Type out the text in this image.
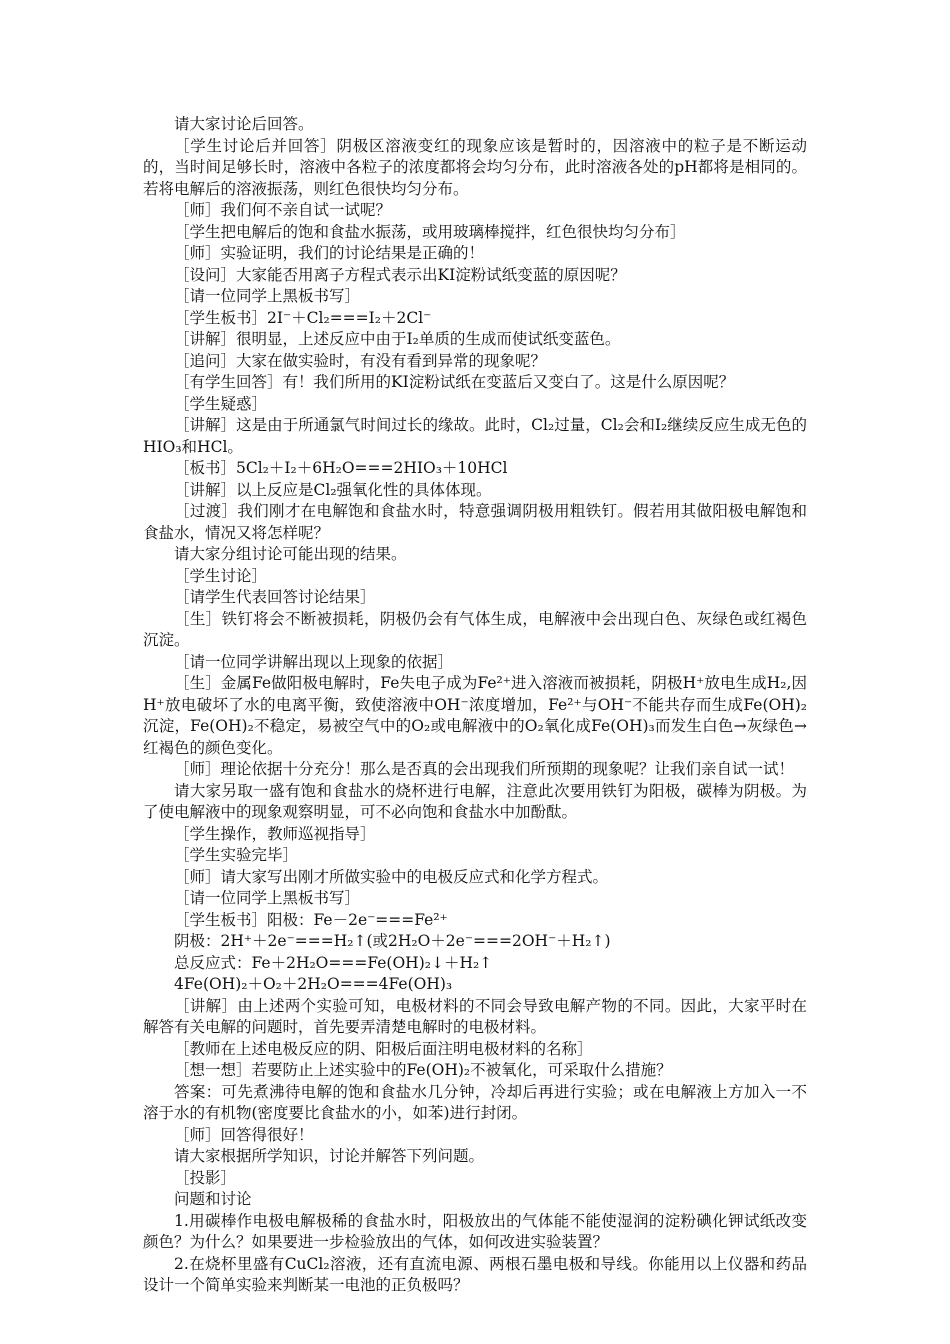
请大家讨论后回答。

［学生讨论后并回答］阴极区溶液变红的现象应该是暂时的，因溶液中的粒子是不断运动的，当时间足够长时，溶液中各粒子的浓度都将会均匀分布，此时溶液各处的pH都将是相同的。若将电解后的溶液振荡，则红色很快均匀分布。

［师］我们何不亲自试一试呢？

［学生把电解后的饱和食盐水振荡，或用玻璃棒搅拌，红色很快均匀分布］

［师］实验证明，我们的讨论结果是正确的！

［设问］大家能否用离子方程式表示出KI淀粉试纸变蓝的原因呢？

［请一位同学上黑板书写］

［学生板书］2I⁻＋Cl₂===I₂＋2Cl⁻

［讲解］很明显，上述反应中由于I₂单质的生成而使试纸变蓝色。

［追问］大家在做实验时，有没有看到异常的现象呢？

［有学生回答］有！我们所用的KI淀粉试纸在变蓝后又变白了。这是什么原因呢？

［学生疑惑］

［讲解］这是由于所通氯气时间过长的缘故。此时，Cl₂过量，Cl₂会和I₂继续反应生成无色的HIO₃和HCl。

［板书］5Cl₂＋I₂＋6H₂O===2HIO₃＋10HCl

［讲解］以上反应是Cl₂强氧化性的具体体现。

［过渡］我们刚才在电解饱和食盐水时，特意强调阴极用粗铁钉。假若用其做阳极电解饱和食盐水，情况又将怎样呢？

请大家分组讨论可能出现的结果。

［学生讨论］

［请学生代表回答讨论结果］

［生］铁钉将会不断被损耗，阴极仍会有气体生成，电解液中会出现白色、灰绿色或红褐色沉淀。

［请一位同学讲解出现以上现象的依据］

［生］金属Fe做阳极电解时，Fe失电子成为Fe²⁺进入溶液而被损耗，阴极H⁺放电生成H₂,因H⁺放电破坏了水的电离平衡，致使溶液中OH⁻浓度增加，Fe²⁺与OH⁻不能共存而生成Fe(OH)₂沉淀，Fe(OH)₂不稳定，易被空气中的O₂或电解液中的O₂氧化成Fe(OH)₃而发生白色→灰绿色→红褐色的颜色变化。

［师］理论依据十分充分！那么是否真的会出现我们所预期的现象呢？让我们亲自试一试！

请大家另取一盛有饱和食盐水的烧杯进行电解，注意此次要用铁钉为阳极，碳棒为阴极。为了使电解液中的现象观察明显，可不必向饱和食盐水中加酚酞。

［学生操作，教师巡视指导］

［学生实验完毕］

［师］请大家写出刚才所做实验中的电极反应式和化学方程式。

［请一位同学上黑板书写］

［学生板书］阳极：Fe－2e⁻===Fe²⁺

阴极：2H⁺＋2e⁻===H₂↑(或2H₂O＋2e⁻===2OH⁻＋H₂↑)

总反应式：Fe＋2H₂O===Fe(OH)₂↓＋H₂↑

4Fe(OH)₂＋O₂＋2H₂O===4Fe(OH)₃

［讲解］由上述两个实验可知，电极材料的不同会导致电解产物的不同。因此，大家平时在解答有关电解的问题时，首先要弄清楚电解时的电极材料。

［教师在上述电极反应的阴、阳极后面注明电极材料的名称］

［想一想］若要防止上述实验中的Fe(OH)₂不被氧化，可采取什么措施？

答案：可先煮沸待电解的饱和食盐水几分钟，冷却后再进行实验；或在电解液上方加入一不溶于水的有机物(密度要比食盐水的小，如苯)进行封闭。

［师］回答得很好！

请大家根据所学知识，讨论并解答下列问题。

［投影］

问题和讨论

1.用碳棒作电极电解极稀的食盐水时，阳极放出的气体能不能使湿润的淀粉碘化钾试纸改变颜色？为什么？如果要进一步检验放出的气体，如何改进实验装置？

2.在烧杯里盛有CuCl₂溶液，还有直流电源、两根石墨电极和导线。你能用以上仪器和药品设计一个简单实验来判断某一电池的正负极吗？
